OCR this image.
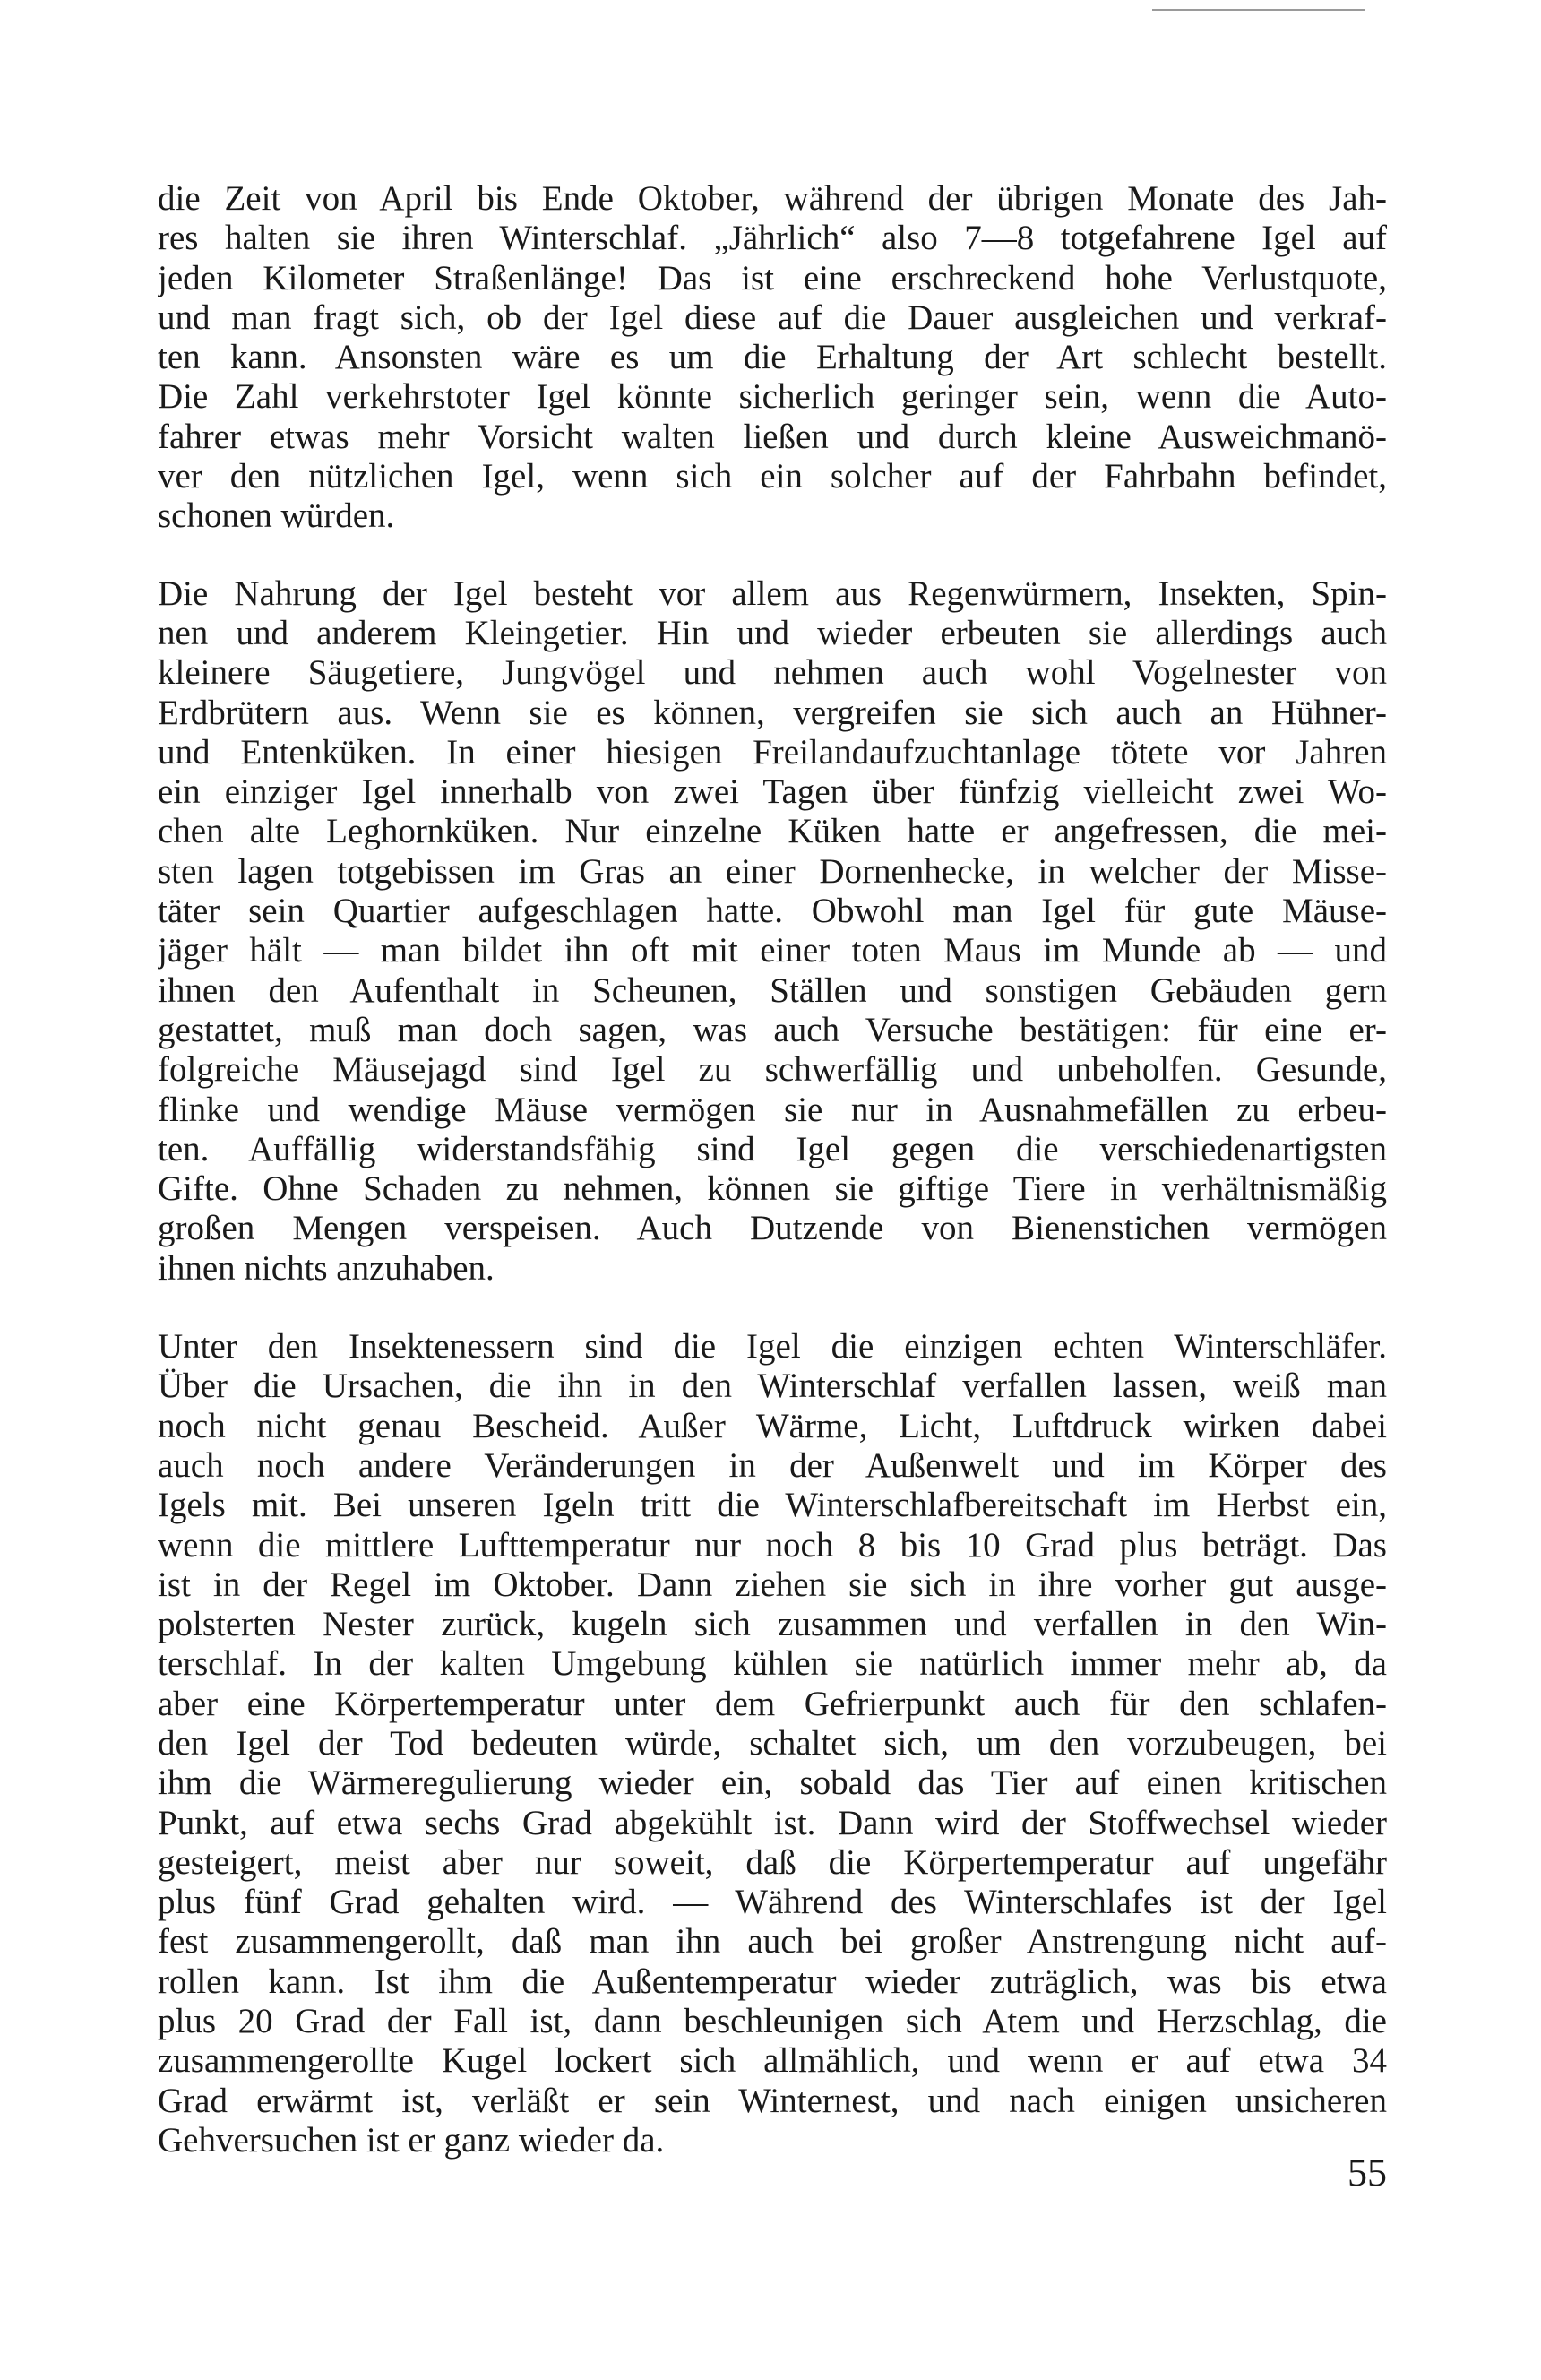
die Zeit von April bis Ende Oktober, während der übrigen Monate des Jah-
res halten sie ihren Winterschlaf. „Jährlich“ also 7—8 totgefahrene Igel auf
jeden Kilometer Straßenlänge! Das ist eine erschreckend hohe Verlustquote,
und man fragt sich, ob der Igel diese auf die Dauer ausgleichen und verkraf-
ten kann. Ansonsten wäre es um die Erhaltung der Art schlecht bestellt.
Die Zahl verkehrstoter Igel könnte sicherlich geringer sein, wenn die Auto-
fahrer etwas mehr Vorsicht walten ließen und durch kleine Ausweichmanö-
ver den nützlichen Igel, wenn sich ein solcher auf der Fahrbahn befindet,
schonen würden.

Die Nahrung der Igel besteht vor allem aus Regenwürmern, Insekten, Spin-
nen und anderem Kleingetier. Hin und wieder erbeuten sie allerdings auch
kleinere Säugetiere, Jungvögel und nehmen auch wohl Vogelnester von
Erdbrütern aus. Wenn sie es können, vergreifen sie sich auch an Hühner-
und Entenküken. In einer hiesigen Freilandaufzuchtanlage tötete vor Jahren
ein einziger Igel innerhalb von zwei Tagen über fünfzig vielleicht zwei Wo-
chen alte Leghornküken. Nur einzelne Küken hatte er angefressen, die mei-
sten lagen totgebissen im Gras an einer Dornenhecke, in welcher der Misse-
täter sein Quartier aufgeschlagen hatte. Obwohl man Igel für gute Mäuse-
jäger hält — man bildet ihn oft mit einer toten Maus im Munde ab — und
ihnen den Aufenthalt in Scheunen, Ställen und sonstigen Gebäuden gern
gestattet, muß man doch sagen, was auch Versuche bestätigen: für eine er-
folgreiche Mäusejagd sind Igel zu schwerfällig und unbeholfen. Gesunde,
flinke und wendige Mäuse vermögen sie nur in Ausnahmefällen zu erbeu-
ten. Auffällig widerstandsfähig sind Igel gegen die verschiedenartigsten
Gifte. Ohne Schaden zu nehmen, können sie giftige Tiere in verhältnismäßig
großen Mengen verspeisen. Auch Dutzende von Bienenstichen vermögen
ihnen nichts anzuhaben.

Unter den Insektenessern sind die Igel die einzigen echten Winterschläfer.
Über die Ursachen, die ihn in den Winterschlaf verfallen lassen, weiß man
noch nicht genau Bescheid. Außer Wärme, Licht, Luftdruck wirken dabei
auch noch andere Veränderungen in der Außenwelt und im Körper des
Igels mit. Bei unseren Igeln tritt die Winterschlafbereitschaft im Herbst ein,
wenn die mittlere Lufttemperatur nur noch 8 bis 10 Grad plus beträgt. Das
ist in der Regel im Oktober. Dann ziehen sie sich in ihre vorher gut ausge-
polsterten Nester zurück, kugeln sich zusammen und verfallen in den Win-
terschlaf. In der kalten Umgebung kühlen sie natürlich immer mehr ab, da
aber eine Körpertemperatur unter dem Gefrierpunkt auch für den schlafen-
den Igel der Tod bedeuten würde, schaltet sich, um den vorzubeugen, bei
ihm die Wärmeregulierung wieder ein, sobald das Tier auf einen kritischen
Punkt, auf etwa sechs Grad abgekühlt ist. Dann wird der Stoffwechsel wieder
gesteigert, meist aber nur soweit, daß die Körpertemperatur auf ungefähr
plus fünf Grad gehalten wird. — Während des Winterschlafes ist der Igel
fest zusammengerollt, daß man ihn auch bei großer Anstrengung nicht auf-
rollen kann. Ist ihm die Außentemperatur wieder zuträglich, was bis etwa
plus 20 Grad der Fall ist, dann beschleunigen sich Atem und Herzschlag, die
zusammengerollte Kugel lockert sich allmählich, und wenn er auf etwa 34
Grad erwärmt ist, verläßt er sein Winternest, und nach einigen unsicheren
Gehversuchen ist er ganz wieder da.

55
